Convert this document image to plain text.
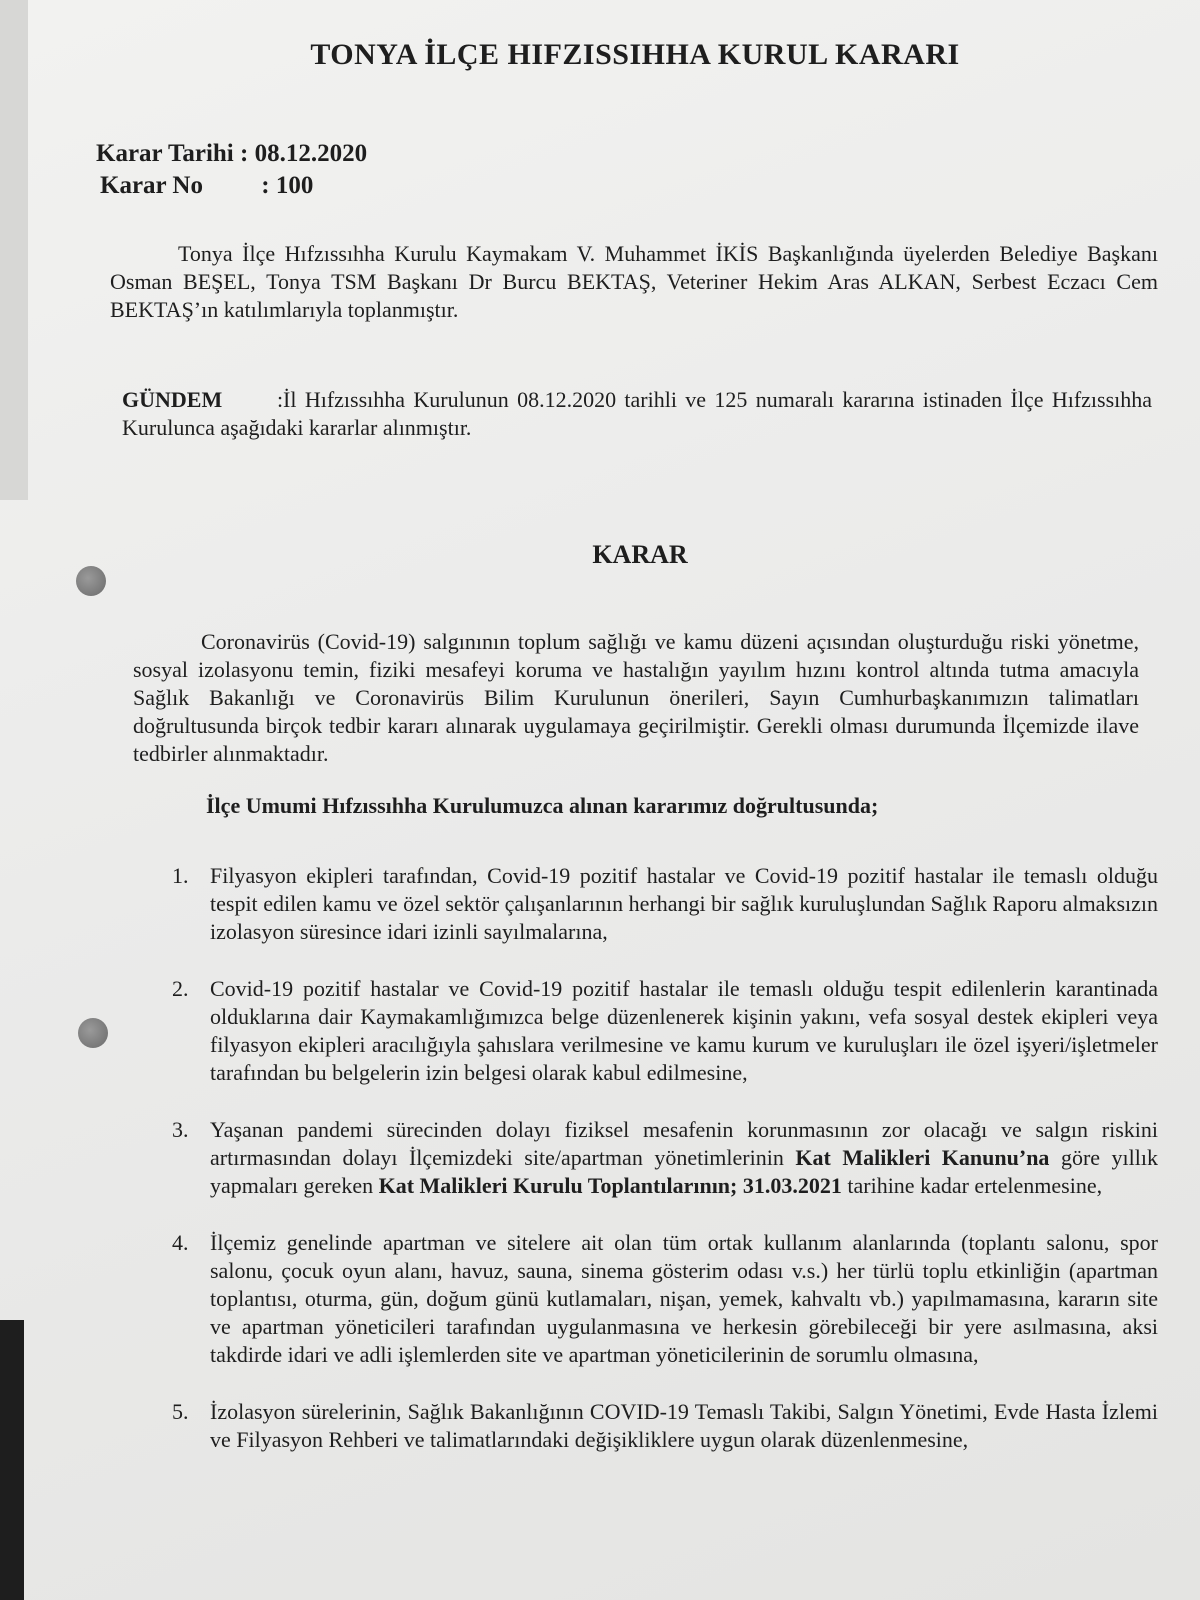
TONYA İLÇE HIFZISSIHHA KURUL KARARI
Karar Tarihi : 08.12.2020
Karar No : 100
Tonya İlçe Hıfzıssıhha Kurulu Kaymakam V. Muhammet İKİS Başkanlığında üyelerden Belediye Başkanı Osman BEŞEL, Tonya TSM Başkanı Dr Burcu BEKTAŞ, Veteriner Hekim Aras ALKAN, Serbest Eczacı Cem BEKTAŞ’ın katılımlarıyla toplanmıştır.
GÜNDEM :İl Hıfzıssıhha Kurulunun 08.12.2020 tarihli ve 125 numaralı kararına istinaden İlçe Hıfzıssıhha Kurulunca aşağıdaki kararlar alınmıştır.
KARAR
Coronavirüs (Covid-19) salgınının toplum sağlığı ve kamu düzeni açısından oluşturduğu riski yönetme, sosyal izolasyonu temin, fiziki mesafeyi koruma ve hastalığın yayılım hızını kontrol altında tutma amacıyla Sağlık Bakanlığı ve Coronavirüs Bilim Kurulunun önerileri, Sayın Cumhurbaşkanımızın talimatları doğrultusunda birçok tedbir kararı alınarak uygulamaya geçirilmiştir. Gerekli olması durumunda İlçemizde ilave tedbirler alınmaktadır.
İlçe Umumi Hıfzıssıhha Kurulumuzca alınan kararımız doğrultusunda;
1. Filyasyon ekipleri tarafından, Covid-19 pozitif hastalar ve Covid-19 pozitif hastalar ile temaslı olduğu tespit edilen kamu ve özel sektör çalışanlarının herhangi bir sağlık kuruluşlundan Sağlık Raporu almaksızın izolasyon süresince idari izinli sayılmalarına,
2. Covid-19 pozitif hastalar ve Covid-19 pozitif hastalar ile temaslı olduğu tespit edilenlerin karantinada olduklarına dair Kaymakamlığımızca belge düzenlenerek kişinin yakını, vefa sosyal destek ekipleri veya filyasyon ekipleri aracılığıyla şahıslara verilmesine ve kamu kurum ve kuruluşları ile özel işyeri/işletmeler tarafından bu belgelerin izin belgesi olarak kabul edilmesine,
3. Yaşanan pandemi sürecinden dolayı fiziksel mesafenin korunmasının zor olacağı ve salgın riskini artırmasından dolayı İlçemizdeki site/apartman yönetimlerinin Kat Malikleri Kanunu’na göre yıllık yapmaları gereken Kat Malikleri Kurulu Toplantılarının; 31.03.2021 tarihine kadar ertelenmesine,
4. İlçemiz genelinde apartman ve sitelere ait olan tüm ortak kullanım alanlarında (toplantı salonu, spor salonu, çocuk oyun alanı, havuz, sauna, sinema gösterim odası v.s.) her türlü toplu etkinliğin (apartman toplantısı, oturma, gün, doğum günü kutlamaları, nişan, yemek, kahvaltı vb.) yapılmamasına, kararın site ve apartman yöneticileri tarafından uygulanmasına ve herkesin görebileceği bir yere asılmasına, aksi takdirde idari ve adli işlemlerden site ve apartman yöneticilerinin de sorumlu olmasına,
5. İzolasyon sürelerinin, Sağlık Bakanlığının COVID-19 Temaslı Takibi, Salgın Yönetimi, Evde Hasta İzlemi ve Filyasyon Rehberi ve talimatlarındaki değişikliklere uygun olarak düzenlenmesine,
